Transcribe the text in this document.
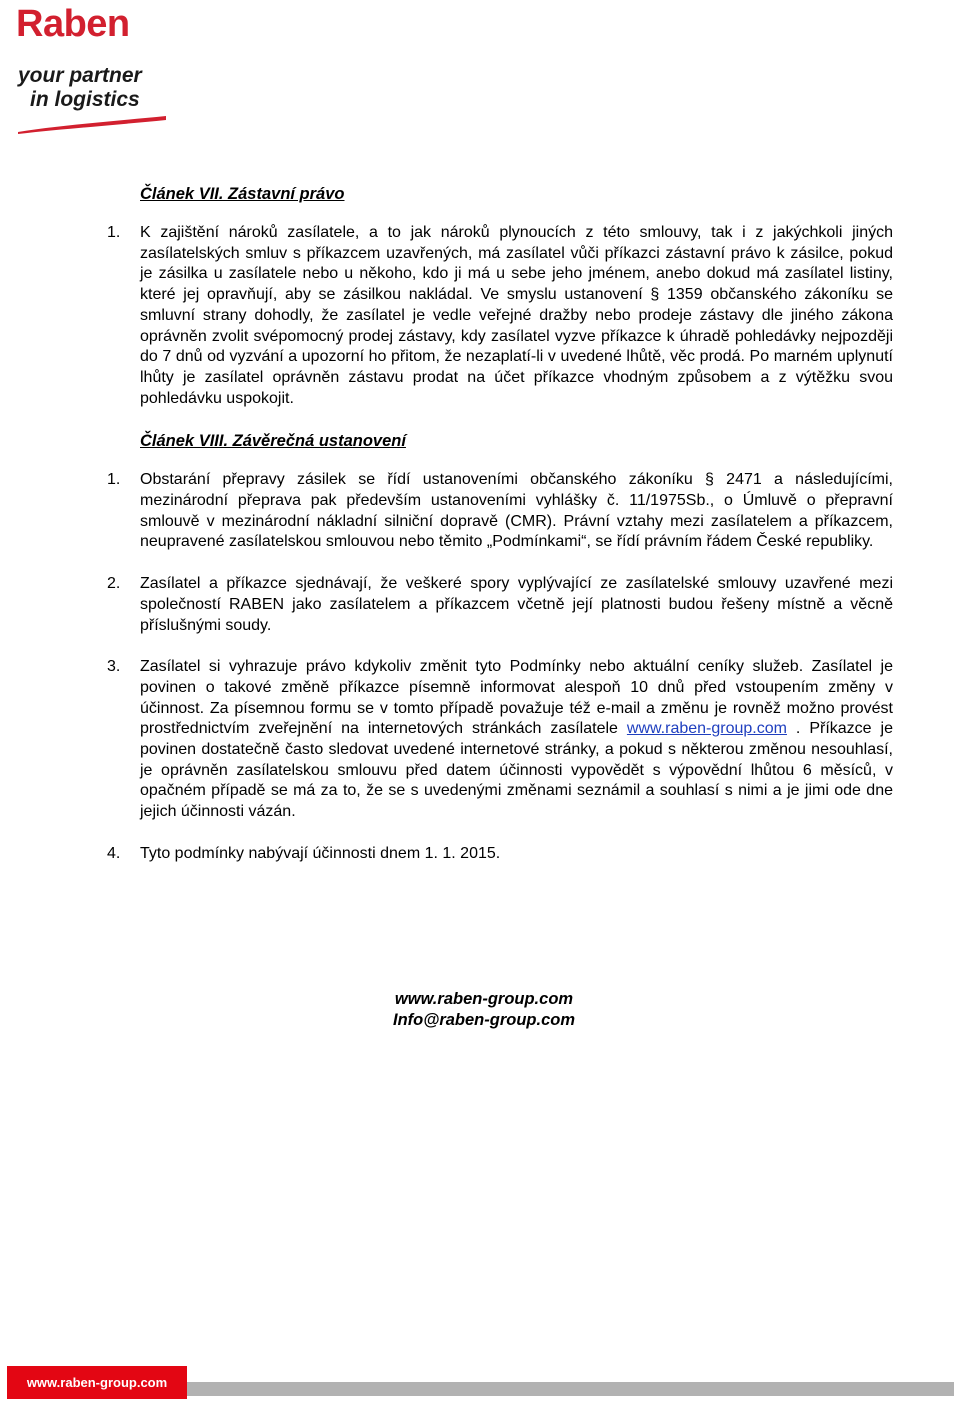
Raben
your partner
in logistics
Článek VII. Zástavní právo
1.	K zajištění nároků zasílatele, a to jak nároků plynoucích z této smlouvy, tak i z jakýchkoli jiných zasílatelských smluv s příkazcem uzavřených, má zasílatel vůči příkazci zástavní právo k zásilce, pokud je zásilka u zasílatele nebo u někoho, kdo ji má u sebe jeho jménem, anebo dokud má zasílatel listiny, které jej opravňují, aby se zásilkou nakládal. Ve smyslu ustanovení § 1359 občanského zákoníku se smluvní strany dohodly, že zasílatel je vedle veřejné dražby nebo prodeje zástavy dle jiného zákona oprávněn zvolit svépomocný prodej zástavy, kdy zasílatel vyzve příkazce k úhradě pohledávky nejpozději do 7 dnů od vyzvání a upozorní ho přitom, že nezaplatí-li v uvedené lhůtě, věc prodá. Po marném uplynutí lhůty je zasílatel oprávněn zástavu prodat na účet příkazce vhodným způsobem a z výtěžku svou pohledávku uspokojit.
Článek VIII. Závěrečná ustanovení
1.	Obstarání přepravy zásilek se řídí ustanoveními občanského zákoníku § 2471 a následujícími, mezinárodní přeprava pak především ustanoveními vyhlášky č. 11/1975Sb., o Úmluvě o přepravní smlouvě v mezinárodní nákladní silniční dopravě (CMR). Právní vztahy mezi zasílatelem a příkazcem, neupravené zasílatelskou smlouvou nebo těmito „Podmínkami“, se řídí právním řádem České republiky.
2.	Zasílatel a příkazce sjednávají, že veškeré spory vyplývající ze zasílatelské smlouvy uzavřené mezi společností RABEN jako zasílatelem a příkazcem včetně její platnosti budou řešeny místně a věcně příslušnými soudy.
3.	Zasílatel si vyhrazuje právo kdykoliv změnit tyto Podmínky nebo aktuální ceníky služeb. Zasílatel je povinen o takové změně příkazce písemně informovat alespoň 10 dnů před vstoupením změny v účinnost. Za písemnou formu se v tomto případě považuje též e-mail a změnu je rovněž možno provést prostřednictvím zveřejnění na internetových stránkách zasílatele www.raben-group.com . Příkazce je povinen dostatečně často sledovat uvedené internetové stránky, a pokud s některou změnou nesouhlasí, je oprávněn zasílatelskou smlouvu před datem účinnosti vypovědět s výpovědní lhůtou 6 měsíců, v opačném případě se má za to, že se s uvedenými změnami seznámil a souhlasí s nimi a je jimi ode dne jejich účinnosti vázán.
4.	Tyto podmínky nabývají účinnosti dnem 1. 1. 2015.
www.raben-group.com
Info@raben-group.com
www.raben-group.com
